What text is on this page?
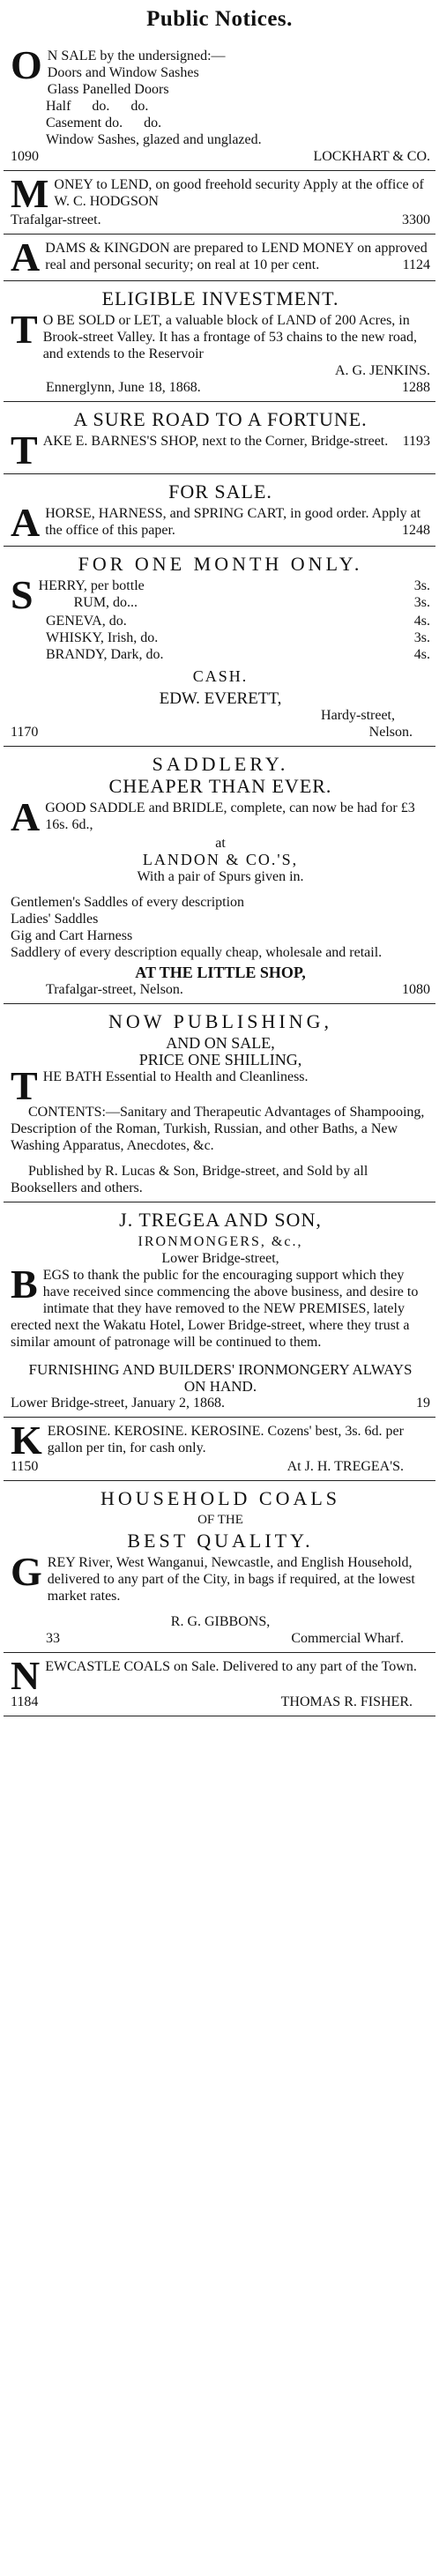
Public Notices.
O N SALE by the undersigned:—
Doors and Window Sashes
Glass Panelled Doors
Half      do.      do.
Casement do.      do.
Window Sashes, glazed and unglazed.
1090	LOCKHART & CO.
M ONEY to LEND, on good freehold security Apply at the office of W. C. HODGSON
Trafalgar-street.	3300
A DAMS & KINGDON are prepared to LEND MONEY on approved real and personal security; on real at 10 per cent.	1124
ELIGIBLE INVESTMENT.
T O BE SOLD or LET, a valuable block of LAND of 200 Acres, in Brook-street Valley. It has a frontage of 53 chains to the new road, and extends to the Reservoir
A. G. JENKINS.
Ennerglynn, June 18, 1868.	1288
A SURE ROAD TO A FORTUNE.
T AKE E. BARNES'S SHOP, next to the Corner, Bridge-street. 1193
FOR SALE.
A HORSE, HARNESS, and SPRING CART, in good order. Apply at the office of this paper.	1248
FOR ONE MONTH ONLY.
S HERRY, per bottle	3s.
RUM, do...	3s.
GENEVA, do.	4s.
WHISKY, Irish, do.	3s.
BRANDY, Dark, do.	4s.
CASH.
EDW. EVERETT,
Hardy-street,
1170	Nelson.
SADDLERY.
CHEAPER THAN EVER.
A GOOD SADDLE and BRIDLE, complete, can now be had for £3 16s. 6d.,
at
LANDON & CO.'S,
With a pair of Spurs given in.
Gentlemen's Saddles of every description
Ladies' Saddles
Gig and Cart Harness
Saddlery of every description equally cheap, wholesale and retail.
AT THE LITTLE SHOP,
Trafalgar-street, Nelson.	1080
NOW PUBLISHING,
AND ON SALE,
PRICE ONE SHILLING,
T HE BATH Essential to Health and Cleanliness.
CONTENTS:—Sanitary and Therapeutic Advantages of Shampooing, Description of the Roman, Turkish, Russian, and other Baths, a New Washing Apparatus, Anecdotes, &c.
Published by R. Lucas & Son, Bridge-street, and Sold by all Booksellers and others.
J. TREGEA AND SON,
IRONMONGERS, &c.,
Lower Bridge-street,
B EGS to thank the public for the encouraging support which they have received since commencing the above business, and desire to intimate that they have removed to the NEW PREMISES, lately erected next the Wakatu Hotel, Lower Bridge-street, where they trust a similar amount of patronage will be continued to them.
FURNISHING AND BUILDERS' IRONMONGERY ALWAYS ON HAND.
Lower Bridge-street, January 2, 1868.	19
K EROSINE. KEROSINE. KEROSINE. Cozens' best, 3s. 6d. per gallon per tin, for cash only.
1150	At J. H. TREGEA'S.
HOUSEHOLD COALS
OF THE
BEST QUALITY.
G REY River, West Wanganui, Newcastle, and English Household, delivered to any part of the City, in bags if required, at the lowest market rates.
R. G. GIBBONS,
33	Commercial Wharf.
N EWCASTLE COALS on Sale. Delivered to any part of the Town.
1184	THOMAS R. FISHER.
